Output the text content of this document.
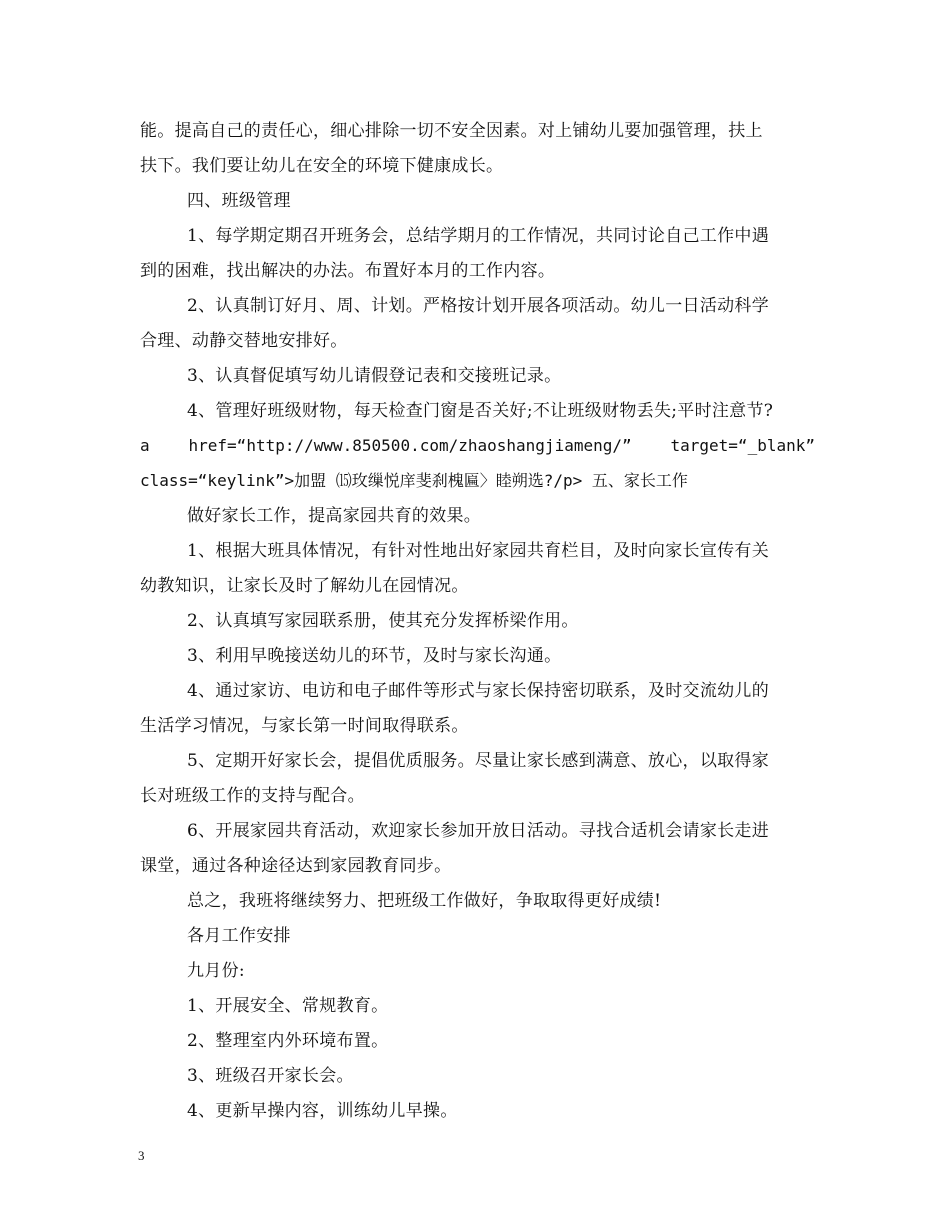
能。提高自己的责任心，细心排除一切不安全因素。对上铺幼儿要加强管理，扶上
扶下。我们要让幼儿在安全的环境下健康成长。
四、班级管理
1、每学期定期召开班务会，总结学期月的工作情况，共同讨论自己工作中遇
到的困难，找出解决的办法。布置好本月的工作内容。
2、认真制订好月、周、计划。严格按计划开展各项活动。幼儿一日活动科学
合理、动静交替地安排好。
3、认真督促填写幼儿请假登记表和交接班记录。
4、管理好班级财物，每天检查门窗是否关好;不让班级财物丢失;平时注意节?
a href=“http://www.850500.com/zhaoshangjiameng/” target=“_blank”
class=“keylink”>加盟 ⒂玫缫悦庠斐刹槐匾〉睦朔选?/p> 五、家长工作
做好家长工作，提高家园共育的效果。
1、根据大班具体情况，有针对性地出好家园共育栏目，及时向家长宣传有关
幼教知识，让家长及时了解幼儿在园情况。
2、认真填写家园联系册，使其充分发挥桥梁作用。
3、利用早晚接送幼儿的环节，及时与家长沟通。
4、通过家访、电访和电子邮件等形式与家长保持密切联系，及时交流幼儿的
生活学习情况，与家长第一时间取得联系。
5、定期开好家长会，提倡优质服务。尽量让家长感到满意、放心，以取得家
长对班级工作的支持与配合。
6、开展家园共育活动，欢迎家长参加开放日活动。寻找合适机会请家长走进
课堂，通过各种途径达到家园教育同步。
总之，我班将继续努力、把班级工作做好，争取取得更好成绩!
各月工作安排
九月份:
1、开展安全、常规教育。
2、整理室内外环境布置。
3、班级召开家长会。
4、更新早操内容，训练幼儿早操。
3
